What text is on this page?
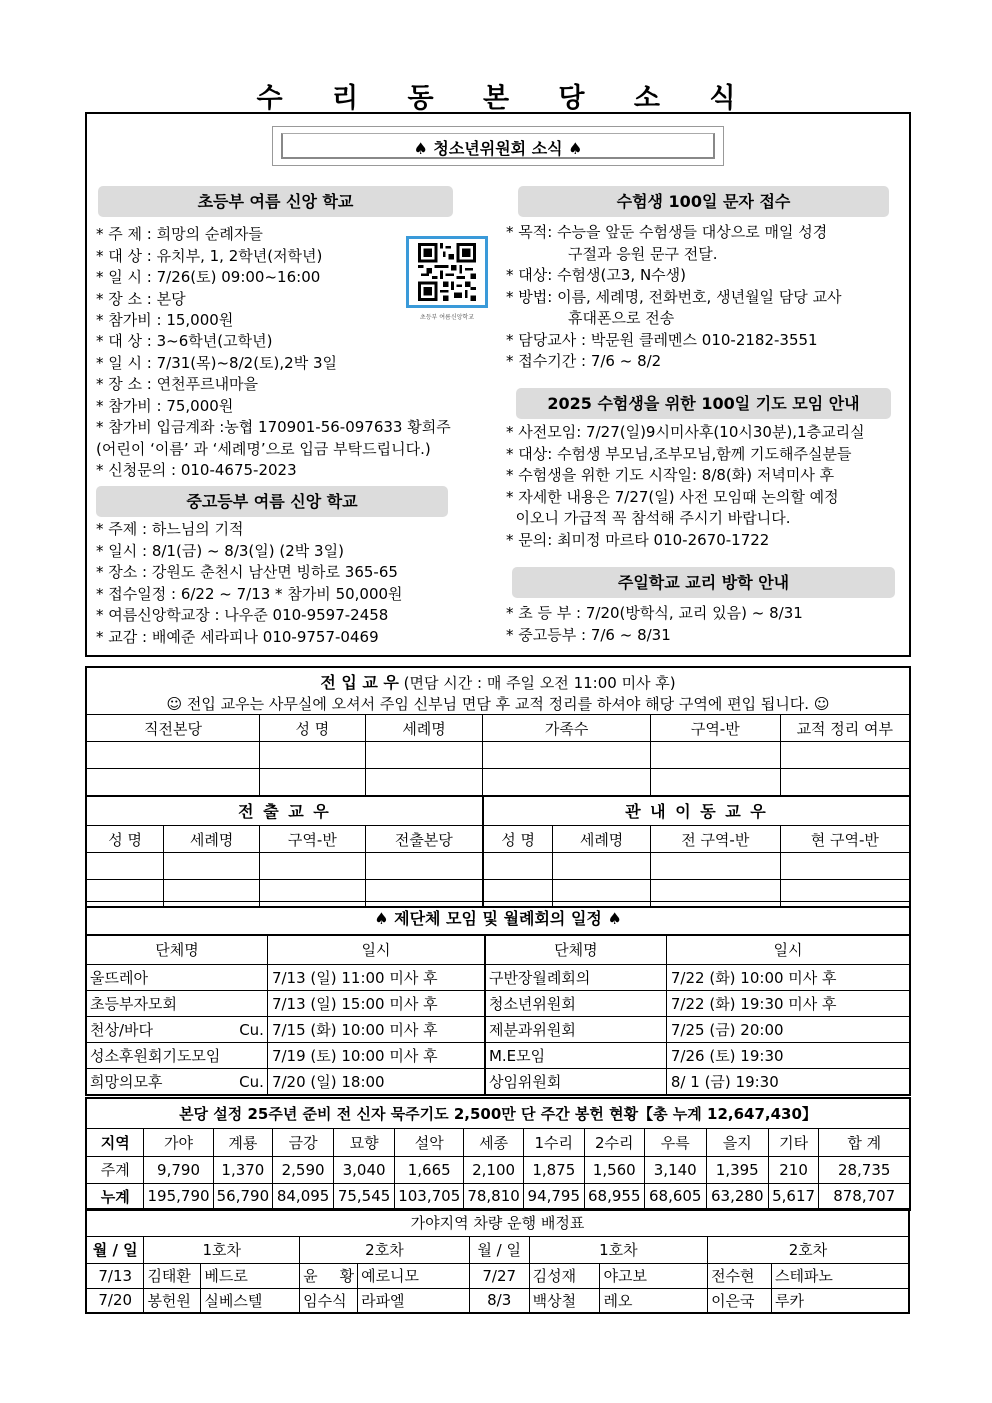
수 리 동 본 당 소 식
♠ 청소년위원회 소식 ♠
초등부 여름 신앙 학교
* 주 제 : 희망의 순례자들
* 대 상 : 유치부, 1, 2학년(저학년)
* 일 시 : 7/26(토) 09:00~16:00
* 장 소 : 본당
* 참가비 : 15,000원	초등부 여름신앙학교
* 대 상 : 3~6학년(고학년)
* 일 시 : 7/31(목)~8/2(토),2박 3일
* 장 소 : 연천푸르내마을
* 참가비 : 75,000원
* 참가비 입금계좌 :농협 170901-56-097633 황희주
(어린이 ‘이름’ 과 ‘세례명’으로 입금 부탁드립니다.)
* 신청문의 : 010-4675-2023
중고등부 여름 신앙 학교
* 주제 : 하느님의 기적
* 일시 : 8/1(금) ~ 8/3(일) (2박 3일)
* 장소 : 강원도 춘천시 남산면 빙하로 365-65
* 접수일정 : 6/22 ~ 7/13 * 참가비 50,000원
* 여름신앙학교장 : 나우준 010-9597-2458
* 교감 : 배예준 세라피나 010-9757-0469
수험생 100일 문자 접수
* 목적: 수능을 앞둔 수험생들 대상으로 매일 성경
구절과 응원 문구 전달.
* 대상: 수험생(고3, N수생)
* 방법: 이름, 세례명, 전화번호, 생년월일 담당 교사
휴대폰으로 전송
* 담당교사 : 박문원 클레멘스 010-2182-3551
* 접수기간 : 7/6 ~ 8/2
2025 수험생을 위한 100일 기도 모임 안내
* 사전모임: 7/27(일)9시미사후(10시30분),1층교리실
* 대상: 수험생 부모님,조부모님,함께 기도해주실분들
* 수험생을 위한 기도 시작일: 8/8(화) 저녁미사 후
* 자세한 내용은 7/27(일) 사전 모임때 논의할 예정
이오니 가급적 꼭 참석해 주시기 바랍니다.
* 문의: 최미정 마르타 010-2670-1722
주일학교 교리 방학 안내
* 초 등 부 : 7/20(방학식, 교리 있음) ~ 8/31
* 중고등부 : 7/6 ~ 8/31
전 입 교 우 (면담 시간 : 매 주일 오전 11:00 미사 후)							
☺ 전입 교우는 사무실에 오셔서 주임 신부님 면담 후 교적 정리를 하셔야 해당 구역에 편입 됩니다. ☺							
직전본당		성 명	세례명	가족수		구역-반	교적 정리 여부

전 출 교 우				관 내 이 동 교 우			
성 명	세례명	구역-반	전출본당	성 명	세례명	전 구역-반	현 구역-반

♠ 제단체 모임 및 월례회의 일정 ♠			
단체명	일시	단체명	일시
울뜨레아	7/13 (일) 11:00 미사 후	구반장월례회의	7/22 (화) 10:00 미사 후
초등부자모회	7/13 (일) 15:00 미사 후	청소년위원회	7/22 (화) 19:30 미사 후
천상/바다 Cu.	7/15 (화) 10:00 미사 후	제분과위원회	7/25 (금) 20:00
성소후원회기도모임	7/19 (토) 10:00 미사 후	M.E모임	7/26 (토) 19:30
희망의모후 Cu.	7/20 (일) 18:00	상임위원회	8/ 1 (금) 19:30
본당 설정 25주년 준비 전 신자 묵주기도 2,500만 단 주간 봉헌 현황【총 누계 12,647,430】												
지역	가야	계룡	금강	묘향	설악	세종	1수리	2수리	우륵	을지	기타	합 계
주계	9,790	1,370	2,590	3,040	1,665	2,100	1,875	1,560	3,140	1,395	210	28,735
누계	195,790	56,790	84,095	75,545	103,705	78,810	94,795	68,955	68,605	63,280	5,617	878,707
가야지역 차량 운행 배정표									
월 / 일	1호차		2호차		월 / 일	1호차		2호차	
7/13	김태환	베드로	윤 황	예로니모	7/27	김성재	야고보	전수현	스테파노
7/20	봉헌원	실베스텔	임수식	라파엘	8/3	백상철	레오	이은국	루카
